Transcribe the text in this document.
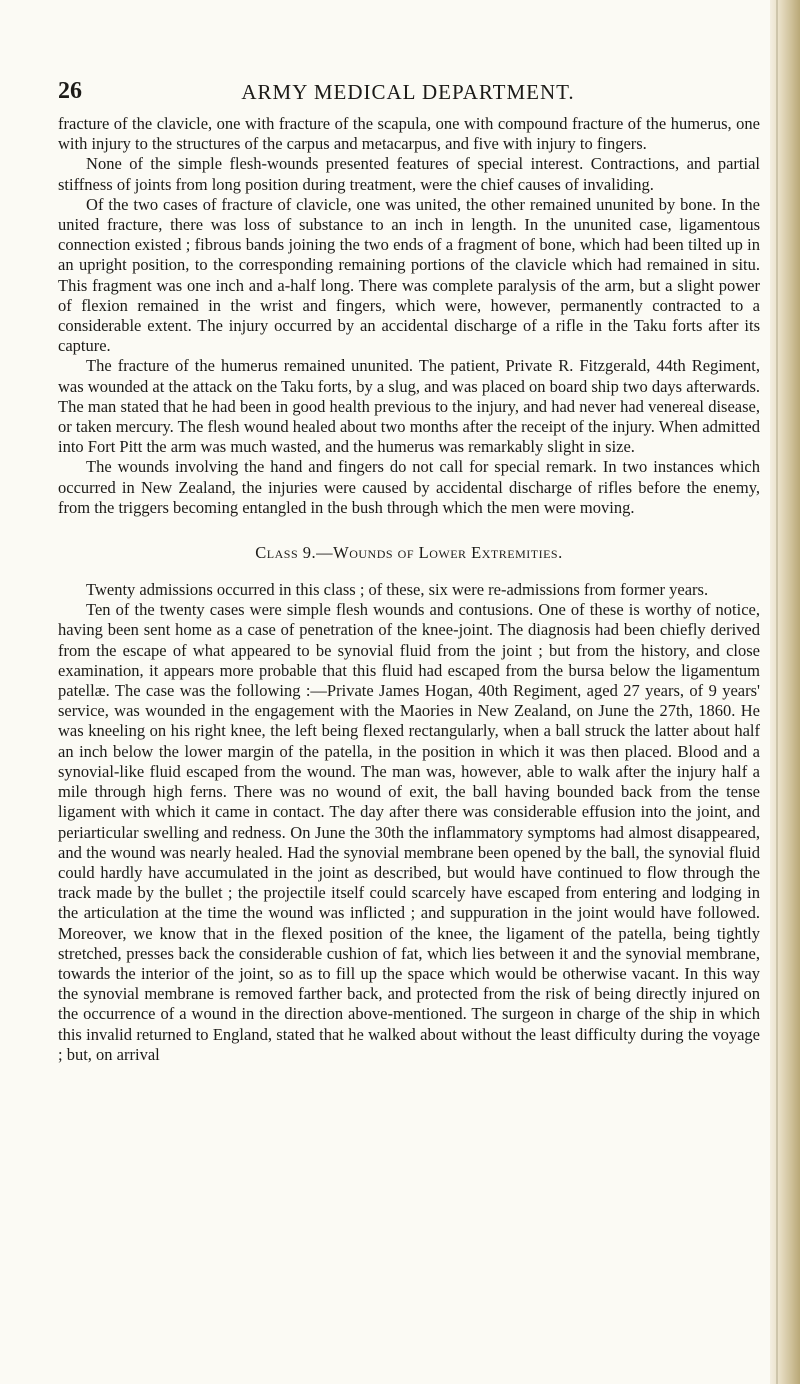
26	ARMY MEDICAL DEPARTMENT.

fracture of the clavicle, one with fracture of the scapula, one with compound fracture of the humerus, one with injury to the structures of the carpus and metacarpus, and five with injury to fingers.

None of the simple flesh-wounds presented features of special interest. Contractions, and partial stiffness of joints from long position during treatment, were the chief causes of invaliding.

Of the two cases of fracture of clavicle, one was united, the other remained ununited by bone. In the united fracture, there was loss of substance to an inch in length. In the ununited case, ligamentous connection existed ; fibrous bands joining the two ends of a fragment of bone, which had been tilted up in an upright position, to the corresponding remaining portions of the clavicle which had remained in situ. This fragment was one inch and a-half long. There was complete paralysis of the arm, but a slight power of flexion remained in the wrist and fingers, which were, however, permanently contracted to a considerable extent. The injury occurred by an accidental discharge of a rifle in the Taku forts after its capture.

The fracture of the humerus remained ununited. The patient, Private R. Fitzgerald, 44th Regiment, was wounded at the attack on the Taku forts, by a slug, and was placed on board ship two days afterwards. The man stated that he had been in good health previous to the injury, and had never had venereal disease, or taken mercury. The flesh wound healed about two months after the receipt of the injury. When admitted into Fort Pitt the arm was much wasted, and the humerus was remarkably slight in size.

The wounds involving the hand and fingers do not call for special remark. In two instances which occurred in New Zealand, the injuries were caused by accidental discharge of rifles before the enemy, from the triggers becoming entangled in the bush through which the men were moving.

Class 9.—Wounds of Lower Extremities.

Twenty admissions occurred in this class ; of these, six were re-admissions from former years.

Ten of the twenty cases were simple flesh wounds and contusions. One of these is worthy of notice, having been sent home as a case of penetration of the knee-joint. The diagnosis had been chiefly derived from the escape of what appeared to be synovial fluid from the joint ; but from the history, and close examination, it appears more probable that this fluid had escaped from the bursa below the ligamentum patellæ. The case was the following :—Private James Hogan, 40th Regiment, aged 27 years, of 9 years' service, was wounded in the engagement with the Maories in New Zealand, on June the 27th, 1860. He was kneeling on his right knee, the left being flexed rectangularly, when a ball struck the latter about half an inch below the lower margin of the patella, in the position in which it was then placed. Blood and a synovial-like fluid escaped from the wound. The man was, however, able to walk after the injury half a mile through high ferns. There was no wound of exit, the ball having bounded back from the tense ligament with which it came in contact. The day after there was considerable effusion into the joint, and periarticular swelling and redness. On June the 30th the inflammatory symptoms had almost disappeared, and the wound was nearly healed. Had the synovial membrane been opened by the ball, the synovial fluid could hardly have accumulated in the joint as described, but would have continued to flow through the track made by the bullet ; the projectile itself could scarcely have escaped from entering and lodging in the articulation at the time the wound was inflicted ; and suppuration in the joint would have followed. Moreover, we know that in the flexed position of the knee, the ligament of the patella, being tightly stretched, presses back the considerable cushion of fat, which lies between it and the synovial membrane, towards the interior of the joint, so as to fill up the space which would be otherwise vacant. In this way the synovial membrane is removed farther back, and protected from the risk of being directly injured on the occurrence of a wound in the direction above-mentioned. The surgeon in charge of the ship in which this invalid returned to England, stated that he walked about without the least difficulty during the voyage ; but, on arrival
